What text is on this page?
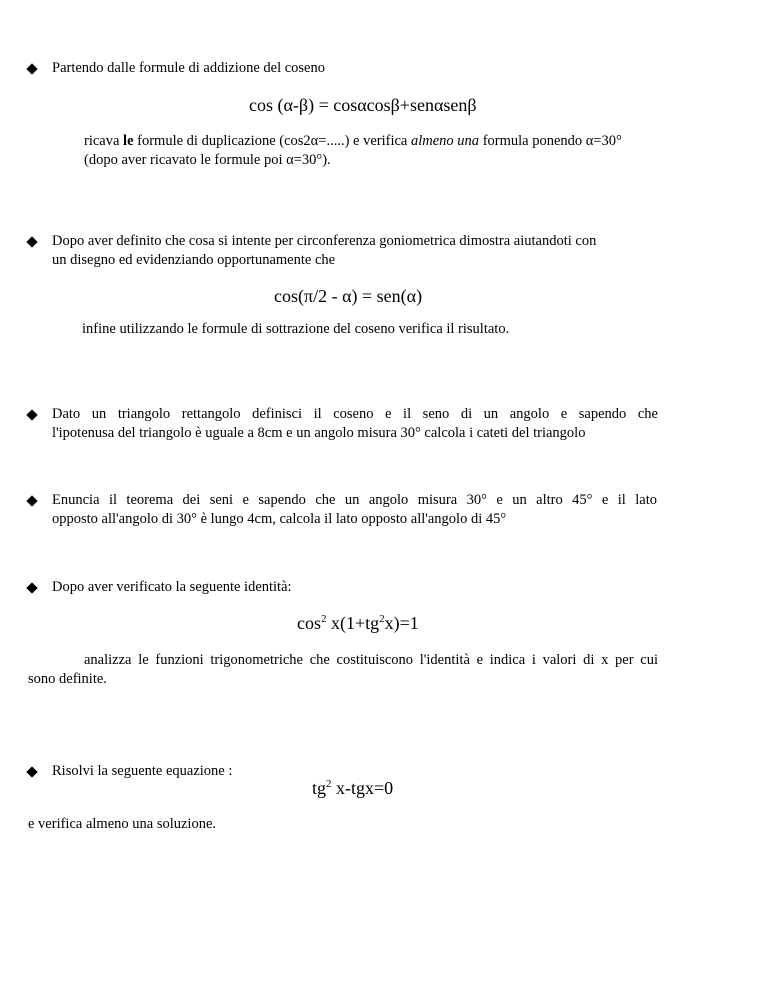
Partendo dalle formule di addizione del coseno
cos (α-β) = cosαcosβ+senαsenβ
ricava le formule di duplicazione (cos2α=.....) e verifica almeno una formula ponendo α=30°
(dopo aver ricavato le formule poi α=30°).
Dopo aver definito che cosa si intente per circonferenza goniometrica dimostra aiutandoti con
un disegno ed evidenziando opportunamente che
cos(π/2 - α) = sen(α)
infine utilizzando le formule di sottrazione del coseno verifica il risultato.
Dato un triangolo rettangolo definisci il coseno e il seno di un angolo e sapendo che
l'ipotenusa del triangolo è uguale a 8cm e un angolo misura 30° calcola i cateti del triangolo
Enuncia il teorema dei seni e sapendo che un angolo misura 30° e un altro 45° e il lato
opposto all'angolo di 30° è lungo 4cm, calcola il lato opposto all'angolo di 45°
Dopo aver verificato la seguente identità:
$\cos^2 x(1+tg^2x)=1$
analizza le funzioni trigonometriche che costituiscono l'identità e indica i valori di x per cui
sono definite.
Risolvi la seguente equazione :
$tg^2$ x-tgx=0
e verifica almeno una soluzione.
